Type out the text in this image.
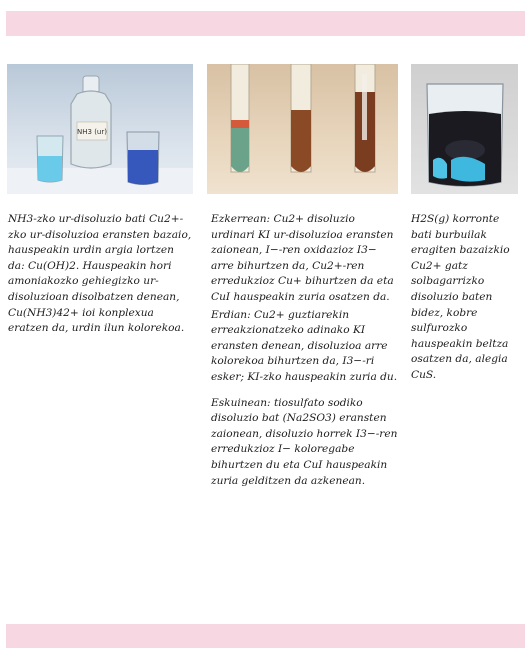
NH3 (ur)

NH3-zko ur-disoluzio bati Cu2+-zko ur-disoluzioa eransten bazaio, hauspeakin urdin argia lortzen da: Cu(OH)2. Hauspeakin hori amoniakozko gehiegizko ur-disoluzioan disolbatzen denean, Cu(NH3)42+ ioi konplexua eratzen da, urdin ilun kolorekoa.

Ezkerrean: Cu2+ disoluzio urdinari KI ur-disoluzioa eransten zaionean, I−-ren oxidazioz I3− arre bihurtzen da, Cu2+-ren erredukzioz Cu+ bihurtzen da eta CuI hauspeakin zuria osatzen da.

Erdian: Cu2+ guztiarekin erreakzionatzeko adinako KI eransten denean, disoluzioa arre kolorekoa bihurtzen da, I3−-ri esker; KI-zko hauspeakin zuria du.

Eskuinean: tiosulfato sodiko disoluzio bat (Na2SO3) eransten zaionean, disoluzio horrek I3−-ren erredukzioz I− koloregabe bihurtzen du eta CuI hauspeakin zuria gelditzen da azkenean.

H2S(g) korronte bati burbuilak eragiten bazaizkio Cu2+ gatz solbagarrizko disoluzio baten bidez, kobre sulfurozko hauspeakin beltza osatzen da, alegia CuS.
